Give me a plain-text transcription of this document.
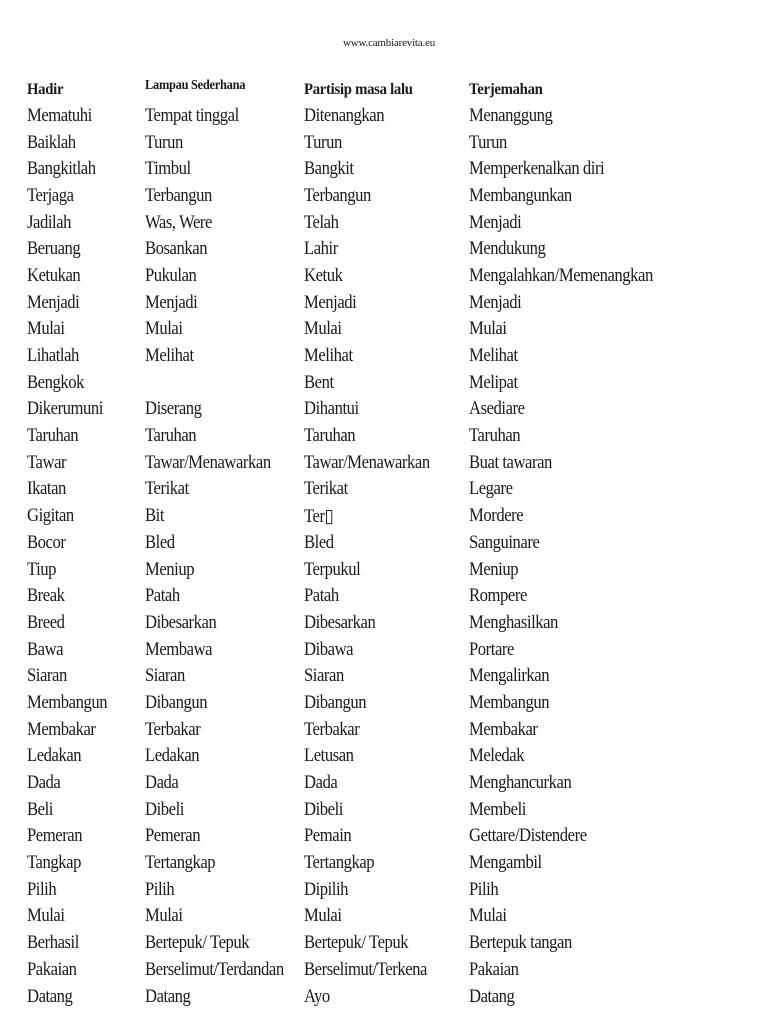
www.cambiarevita.eu
Hadir	Lampau Sederhana	Partisip masa lalu	Terjemahan
Mematuhi	Tempat tinggal	Ditenangkan	Menanggung
Baiklah	Turun	Turun	Turun
Bangkitlah	Timbul	Bangkit	Memperkenalkan diri
Terjaga	Terbangun	Terbangun	Membangunkan
Jadilah	Was, Were	Telah	Menjadi
Beruang	Bosankan	Lahir	Mendukung
Ketukan	Pukulan	Ketuk	Mengalahkan/Memenangkan
Menjadi	Menjadi	Menjadi	Menjadi
Mulai	Mulai	Mulai	Mulai
Lihatlah	Melihat	Melihat	Melihat
Bengkok		Bent	Melipat
Dikerumuni	Diserang	Dihantui	Asediare
Taruhan	Taruhan	Taruhan	Taruhan
Tawar	Tawar/Menawarkan	Tawar/Menawarkan	Buat tawaran
Ikatan	Terikat	Terikat	Legare
Gigitan	Bit	Ter▯	Mordere
Bocor	Bled	Bled	Sanguinare
Tiup	Meniup	Terpukul	Meniup
Break	Patah	Patah	Rompere
Breed	Dibesarkan	Dibesarkan	Menghasilkan
Bawa	Membawa	Dibawa	Portare
Siaran	Siaran	Siaran	Mengalirkan
Membangun	Dibangun	Dibangun	Membangun
Membakar	Terbakar	Terbakar	Membakar
Ledakan	Ledakan	Letusan	Meledak
Dada	Dada	Dada	Menghancurkan
Beli	Dibeli	Dibeli	Membeli
Pemeran	Pemeran	Pemain	Gettare/Distendere
Tangkap	Tertangkap	Tertangkap	Mengambil
Pilih	Pilih	Dipilih	Pilih
Mulai	Mulai	Mulai	Mulai
Berhasil	Bertepuk/ Tepuk	Bertepuk/ Tepuk	Bertepuk tangan
Pakaian	Berselimut/Terdandan	Berselimut/Terkena	Pakaian
Datang	Datang	Ayo	Datang
